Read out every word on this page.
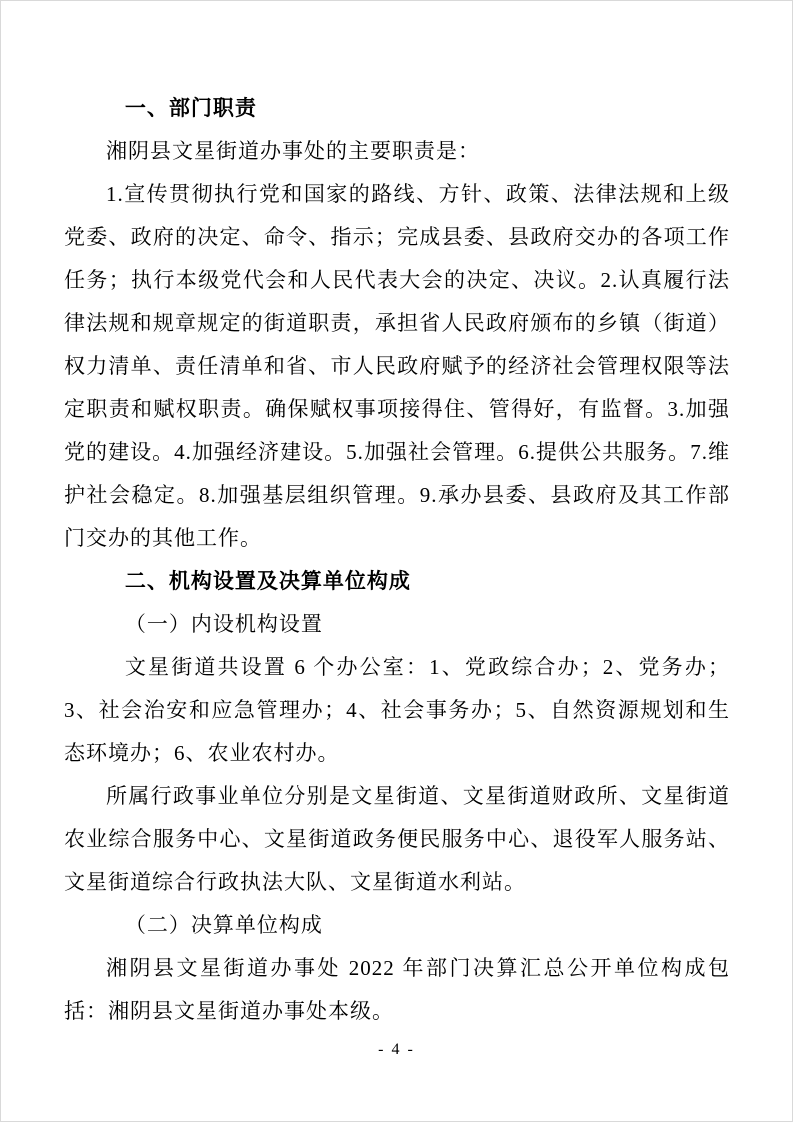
一、部门职责
湘阴县文星街道办事处的主要职责是：
1.宣传贯彻执行党和国家的路线、方针、政策、法律法规和上级党委、政府的决定、命令、指示；完成县委、县政府交办的各项工作任务；执行本级党代会和人民代表大会的决定、决议。2.认真履行法律法规和规章规定的街道职责，承担省人民政府颁布的乡镇（街道）权力清单、责任清单和省、市人民政府赋予的经济社会管理权限等法定职责和赋权职责。确保赋权事项接得住、管得好，有监督。3.加强党的建设。4.加强经济建设。5.加强社会管理。6.提供公共服务。7.维护社会稳定。8.加强基层组织管理。9.承办县委、县政府及其工作部门交办的其他工作。
二、机构设置及决算单位构成
（一）内设机构设置
文星街道共设置 6 个办公室：1、党政综合办；2、党务办；3、社会治安和应急管理办；4、社会事务办；5、自然资源规划和生态环境办；6、农业农村办。
所属行政事业单位分别是文星街道、文星街道财政所、文星街道农业综合服务中心、文星街道政务便民服务中心、退役军人服务站、文星街道综合行政执法大队、文星街道水利站。
（二）决算单位构成
湘阴县文星街道办事处 2022 年部门决算汇总公开单位构成包括：湘阴县文星街道办事处本级。
- 4 -
